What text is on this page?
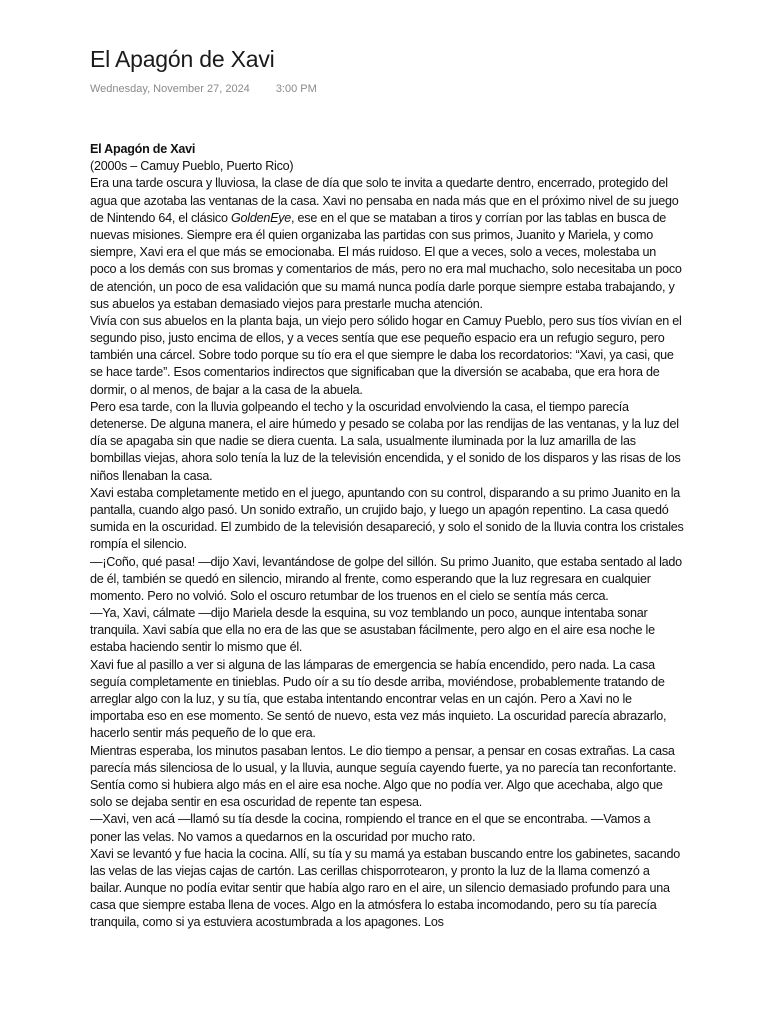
El Apagón de Xavi
Wednesday, November 27, 2024 3:00 PM

El Apagón de Xavi

(2000s – Camuy Pueblo, Puerto Rico)

Era una tarde oscura y lluviosa, la clase de día que solo te invita a quedarte dentro, encerrado, protegido del agua que azotaba las ventanas de la casa. Xavi no pensaba en nada más que en el próximo nivel de su juego de Nintendo 64, el clásico GoldenEye, ese en el que se mataban a tiros y corrían por las tablas en busca de nuevas misiones. Siempre era él quien organizaba las partidas con sus primos, Juanito y Mariela, y como siempre, Xavi era el que más se emocionaba. El más ruidoso. El que a veces, solo a veces, molestaba un poco a los demás con sus bromas y comentarios de más, pero no era mal muchacho, solo necesitaba un poco de atención, un poco de esa validación que su mamá nunca podía darle porque siempre estaba trabajando, y sus abuelos ya estaban demasiado viejos para prestarle mucha atención.

Vivía con sus abuelos en la planta baja, un viejo pero sólido hogar en Camuy Pueblo, pero sus tíos vivían en el segundo piso, justo encima de ellos, y a veces sentía que ese pequeño espacio era un refugio seguro, pero también una cárcel. Sobre todo porque su tío era el que siempre le daba los recordatorios: “Xavi, ya casi, que se hace tarde”. Esos comentarios indirectos que significaban que la diversión se acababa, que era hora de dormir, o al menos, de bajar a la casa de la abuela.

Pero esa tarde, con la lluvia golpeando el techo y la oscuridad envolviendo la casa, el tiempo parecía detenerse. De alguna manera, el aire húmedo y pesado se colaba por las rendijas de las ventanas, y la luz del día se apagaba sin que nadie se diera cuenta. La sala, usualmente iluminada por la luz amarilla de las bombillas viejas, ahora solo tenía la luz de la televisión encendida, y el sonido de los disparos y las risas de los niños llenaban la casa.

Xavi estaba completamente metido en el juego, apuntando con su control, disparando a su primo Juanito en la pantalla, cuando algo pasó. Un sonido extraño, un crujido bajo, y luego un apagón repentino. La casa quedó sumida en la oscuridad. El zumbido de la televisión desapareció, y solo el sonido de la lluvia contra los cristales rompía el silencio.

—¡Coño, qué pasa! —dijo Xavi, levantándose de golpe del sillón. Su primo Juanito, que estaba sentado al lado de él, también se quedó en silencio, mirando al frente, como esperando que la luz regresara en cualquier momento. Pero no volvió. Solo el oscuro retumbar de los truenos en el cielo se sentía más cerca.

—Ya, Xavi, cálmate —dijo Mariela desde la esquina, su voz temblando un poco, aunque intentaba sonar tranquila. Xavi sabía que ella no era de las que se asustaban fácilmente, pero algo en el aire esa noche le estaba haciendo sentir lo mismo que él.

Xavi fue al pasillo a ver si alguna de las lámparas de emergencia se había encendido, pero nada. La casa seguía completamente en tinieblas. Pudo oír a su tío desde arriba, moviéndose, probablemente tratando de arreglar algo con la luz, y su tía, que estaba intentando encontrar velas en un cajón. Pero a Xavi no le importaba eso en ese momento. Se sentó de nuevo, esta vez más inquieto. La oscuridad parecía abrazarlo, hacerlo sentir más pequeño de lo que era.

Mientras esperaba, los minutos pasaban lentos. Le dio tiempo a pensar, a pensar en cosas extrañas. La casa parecía más silenciosa de lo usual, y la lluvia, aunque seguía cayendo fuerte, ya no parecía tan reconfortante. Sentía como si hubiera algo más en el aire esa noche. Algo que no podía ver. Algo que acechaba, algo que solo se dejaba sentir en esa oscuridad de repente tan espesa.

—Xavi, ven acá —llamó su tía desde la cocina, rompiendo el trance en el que se encontraba. —Vamos a poner las velas. No vamos a quedarnos en la oscuridad por mucho rato.

Xavi se levantó y fue hacia la cocina. Allí, su tía y su mamá ya estaban buscando entre los gabinetes, sacando las velas de las viejas cajas de cartón. Las cerillas chisporrotearon, y pronto la luz de la llama comenzó a bailar. Aunque no podía evitar sentir que había algo raro en el aire, un silencio demasiado profundo para una casa que siempre estaba llena de voces. Algo en la atmósfera lo estaba incomodando, pero su tía parecía tranquila, como si ya estuviera acostumbrada a los apagones. Los
